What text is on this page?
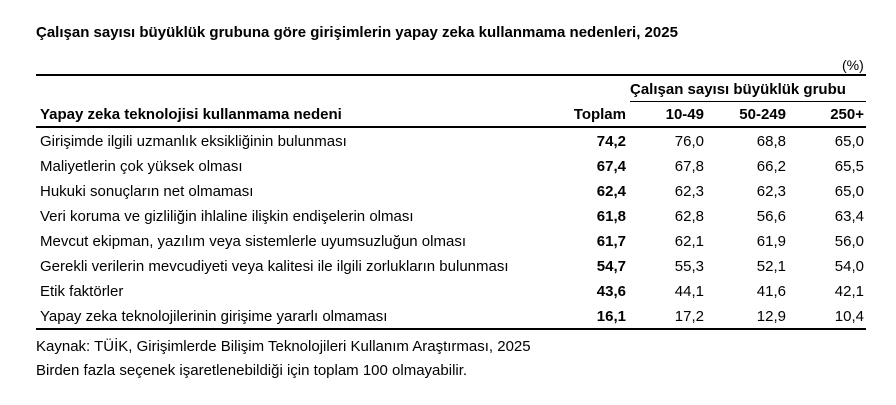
Çalışan sayısı büyüklük grubuna göre girişimlerin yapay zeka kullanmama nedenleri, 2025
(%)
Çalışan sayısı büyüklük grubu
Yapay zeka teknolojisi kullanmama nedeni	Toplam	10-49	50-249	250+
Girişimde ilgili uzmanlık eksikliğinin bulunması	74,2	76,0	68,8	65,0
Maliyetlerin çok yüksek olması	67,4	67,8	66,2	65,5
Hukuki sonuçların net olmaması	62,4	62,3	62,3	65,0
Veri koruma ve gizliliğin ihlaline ilişkin endişelerin olması	61,8	62,8	56,6	63,4
Mevcut ekipman, yazılım veya sistemlerle uyumsuzluğun olması	61,7	62,1	61,9	56,0
Gerekli verilerin mevcudiyeti veya kalitesi ile ilgili zorlukların bulunması	54,7	55,3	52,1	54,0
Etik faktörler	43,6	44,1	41,6	42,1
Yapay zeka teknolojilerinin girişime yararlı olmaması	16,1	17,2	12,9	10,4
Kaynak: TÜİK, Girişimlerde Bilişim Teknolojileri Kullanım Araştırması, 2025
Birden fazla seçenek işaretlenebildiği için toplam 100 olmayabilir.
